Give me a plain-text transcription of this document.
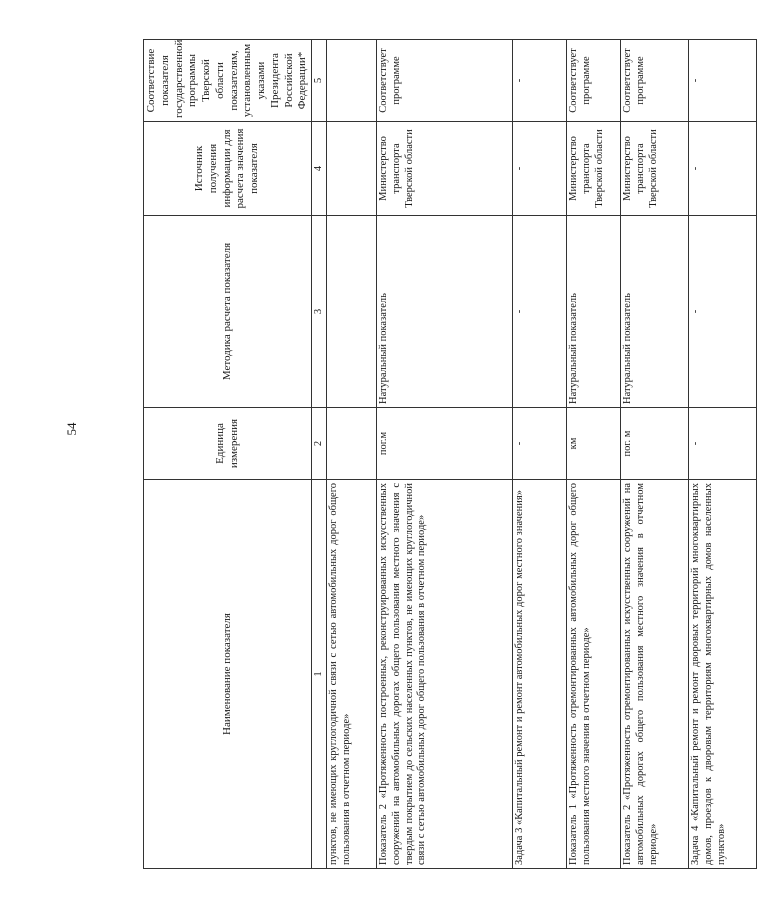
54
Наименование показателя	Единица измерения	Методика расчета показателя	Источник получения информации для расчета значения показателя	Соответствие показателя государственной программы Тверской области показателям, установленным указами Президента Российской Федерации*
1	2	3	4	5
пунктов, не имеющих круглогодичной связи с сетью автомобильных дорог общего пользования в отчетном периоде»				
Показатель 2 «Протяженность построенных, реконструированных искусственных сооружений на автомобильных дорогах общего пользования местного значения с твердым покрытием до сельских населенных пунктов, не имеющих круглогодичной связи с сетью автомобильных дорог общего пользования в отчетном периоде»	пог.м	Натуральный показатель	Министерство транспорта Тверской области	Соответствует программе
Задача 3 «Капитальный ремонт и ремонт автомобильных дорог местного значения»	-	-	-	-
Показатель 1 «Протяженность отремонтированных автомобильных дорог общего пользования местного значения в отчетном периоде»	км	Натуральный показатель	Министерство транспорта Тверской области	Соответствует программе
Показатель 2 «Протяженность отремонтированных искусственных сооружений на автомобильных дорогах общего пользования местного значения в отчетном периоде»	пог. м	Натуральный показатель	Министерство транспорта Тверской области	Соответствует программе
Задача 4 «Капитальный ремонт и ремонт дворовых территорий многоквартирных домов, проездов к дворовым территориям многоквартирных домов населенных пунктов»	-	-	-	-
